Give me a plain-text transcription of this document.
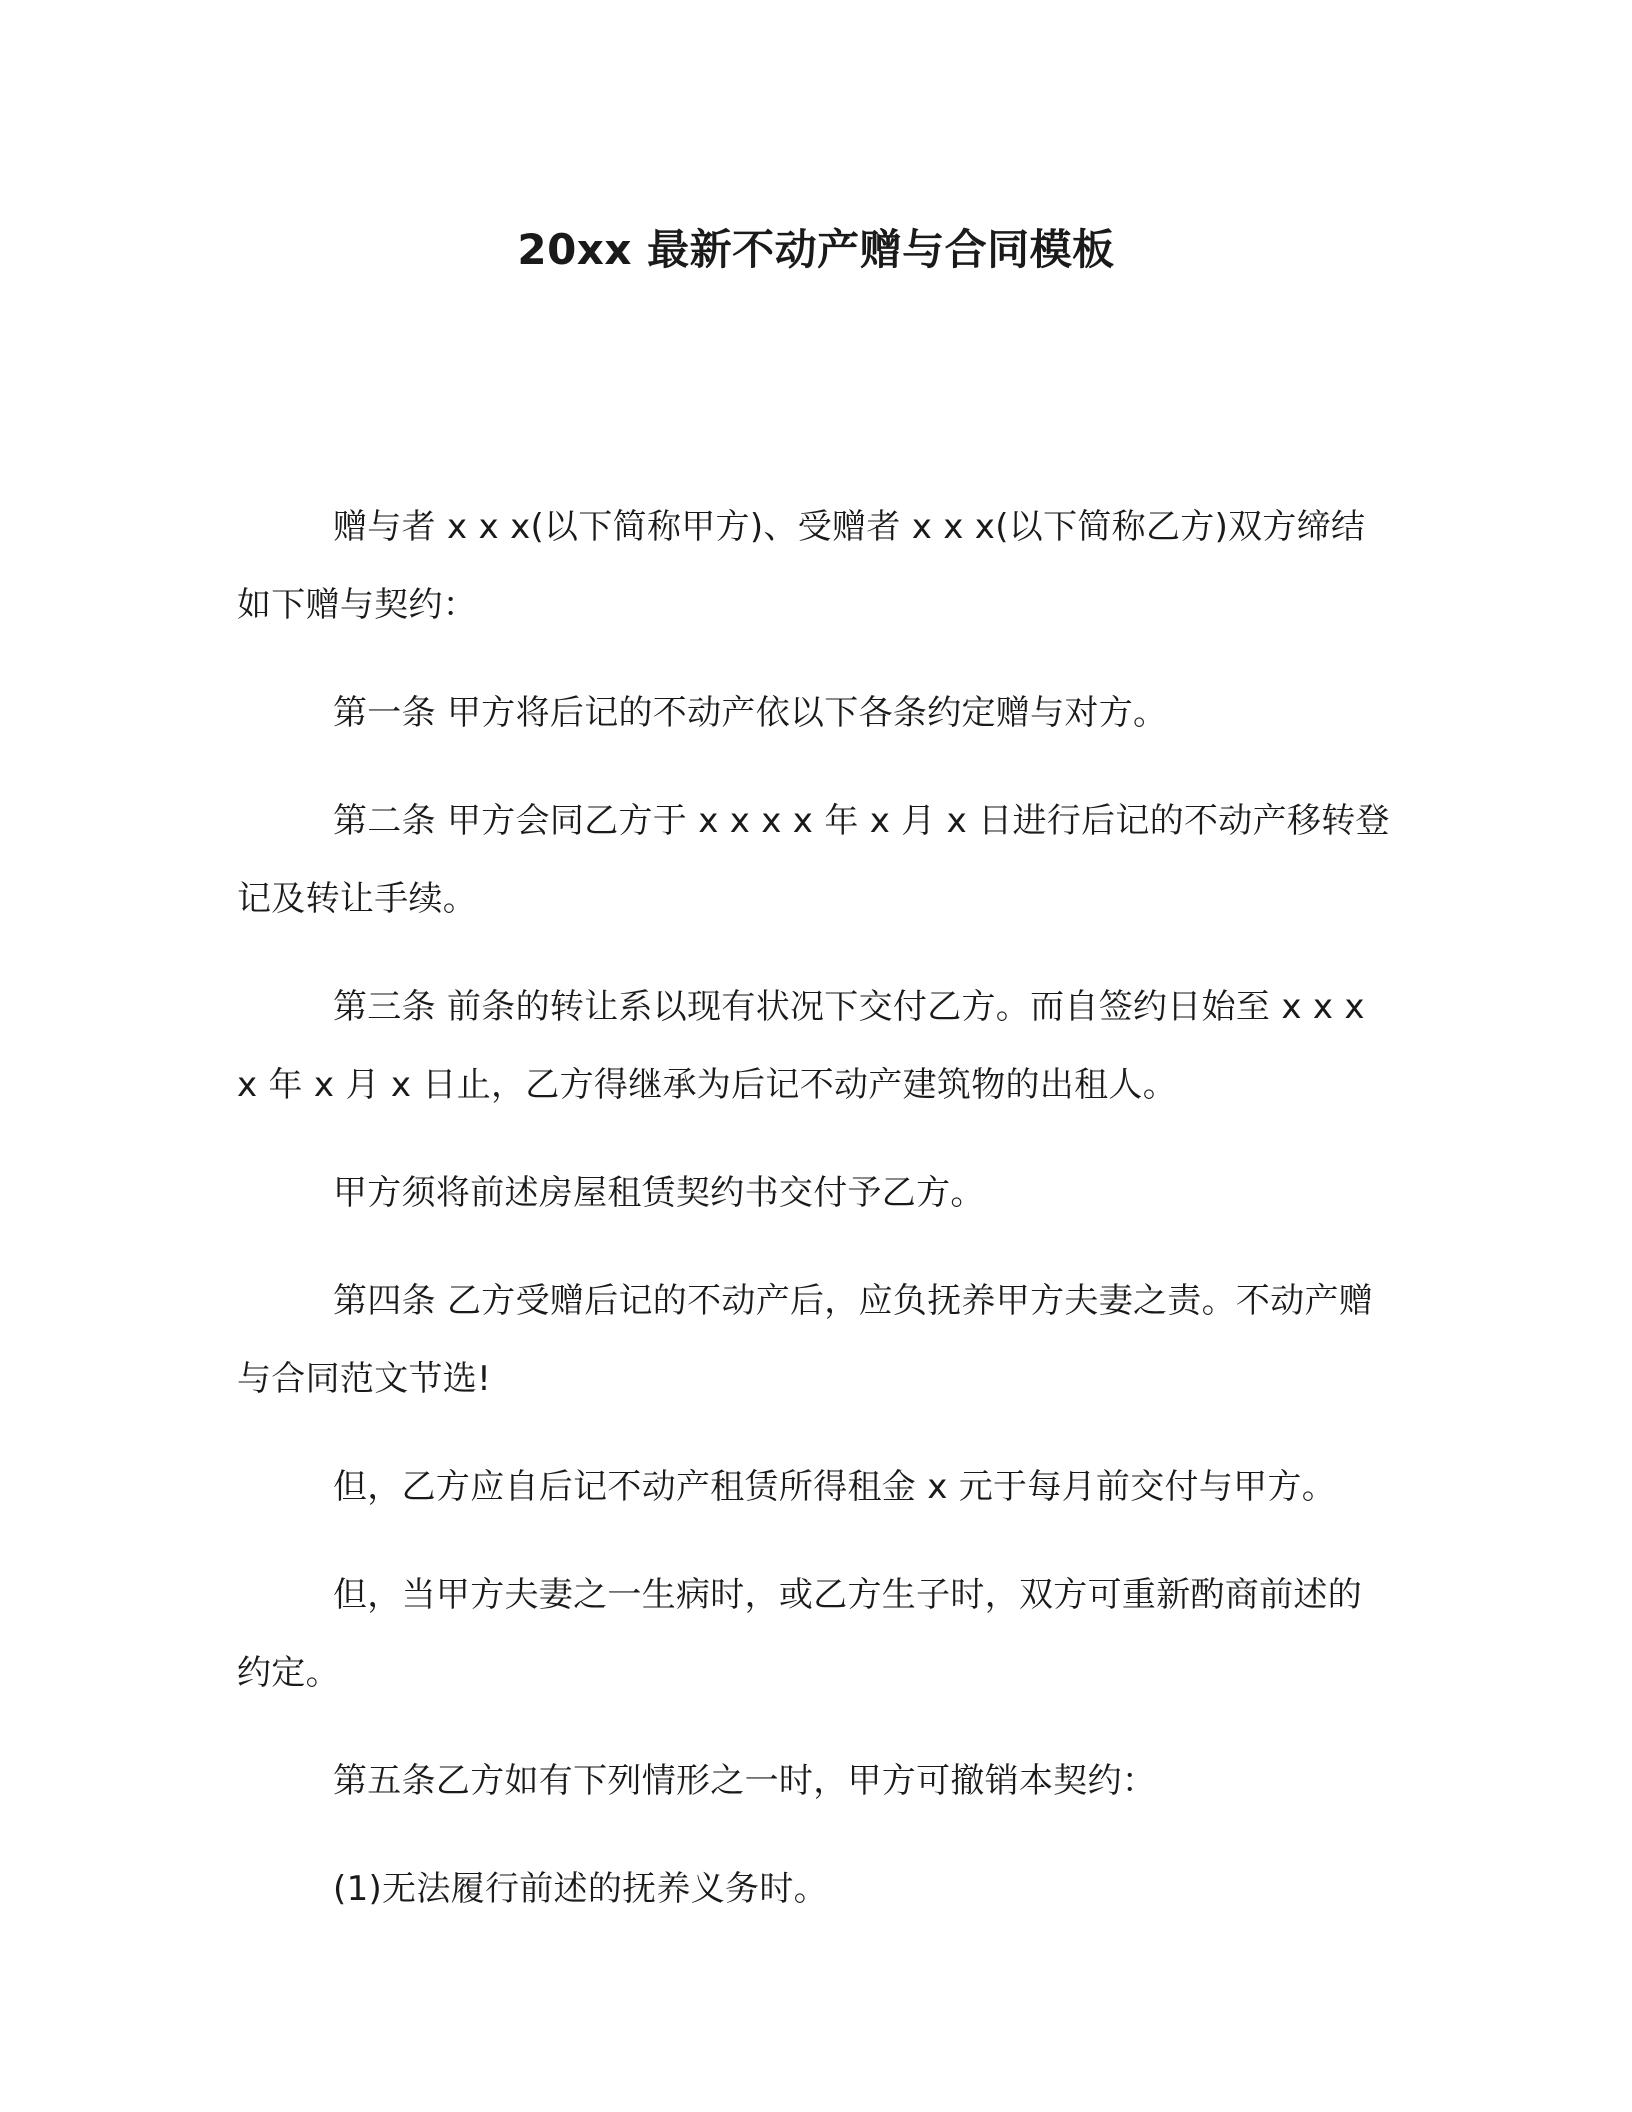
20xx 最新不动产赠与合同模板

赠与者 x x x(以下简称甲方)、受赠者 x x x(以下简称乙方)双方缔结如下赠与契约：

第一条 甲方将后记的不动产依以下各条约定赠与对方。

第二条 甲方会同乙方于 x x x x 年 x 月 x 日进行后记的不动产移转登记及转让手续。

第三条 前条的转让系以现有状况下交付乙方。而自签约日始至 x x x x 年 x 月 x 日止，乙方得继承为后记不动产建筑物的出租人。

甲方须将前述房屋租赁契约书交付予乙方。

第四条 乙方受赠后记的不动产后，应负抚养甲方夫妻之责。不动产赠与合同范文节选!

但，乙方应自后记不动产租赁所得租金 x 元于每月前交付与甲方。

但，当甲方夫妻之一生病时，或乙方生子时，双方可重新酌商前述的约定。

第五条乙方如有下列情形之一时，甲方可撤销本契约：

(1)无法履行前述的抚养义务时。
